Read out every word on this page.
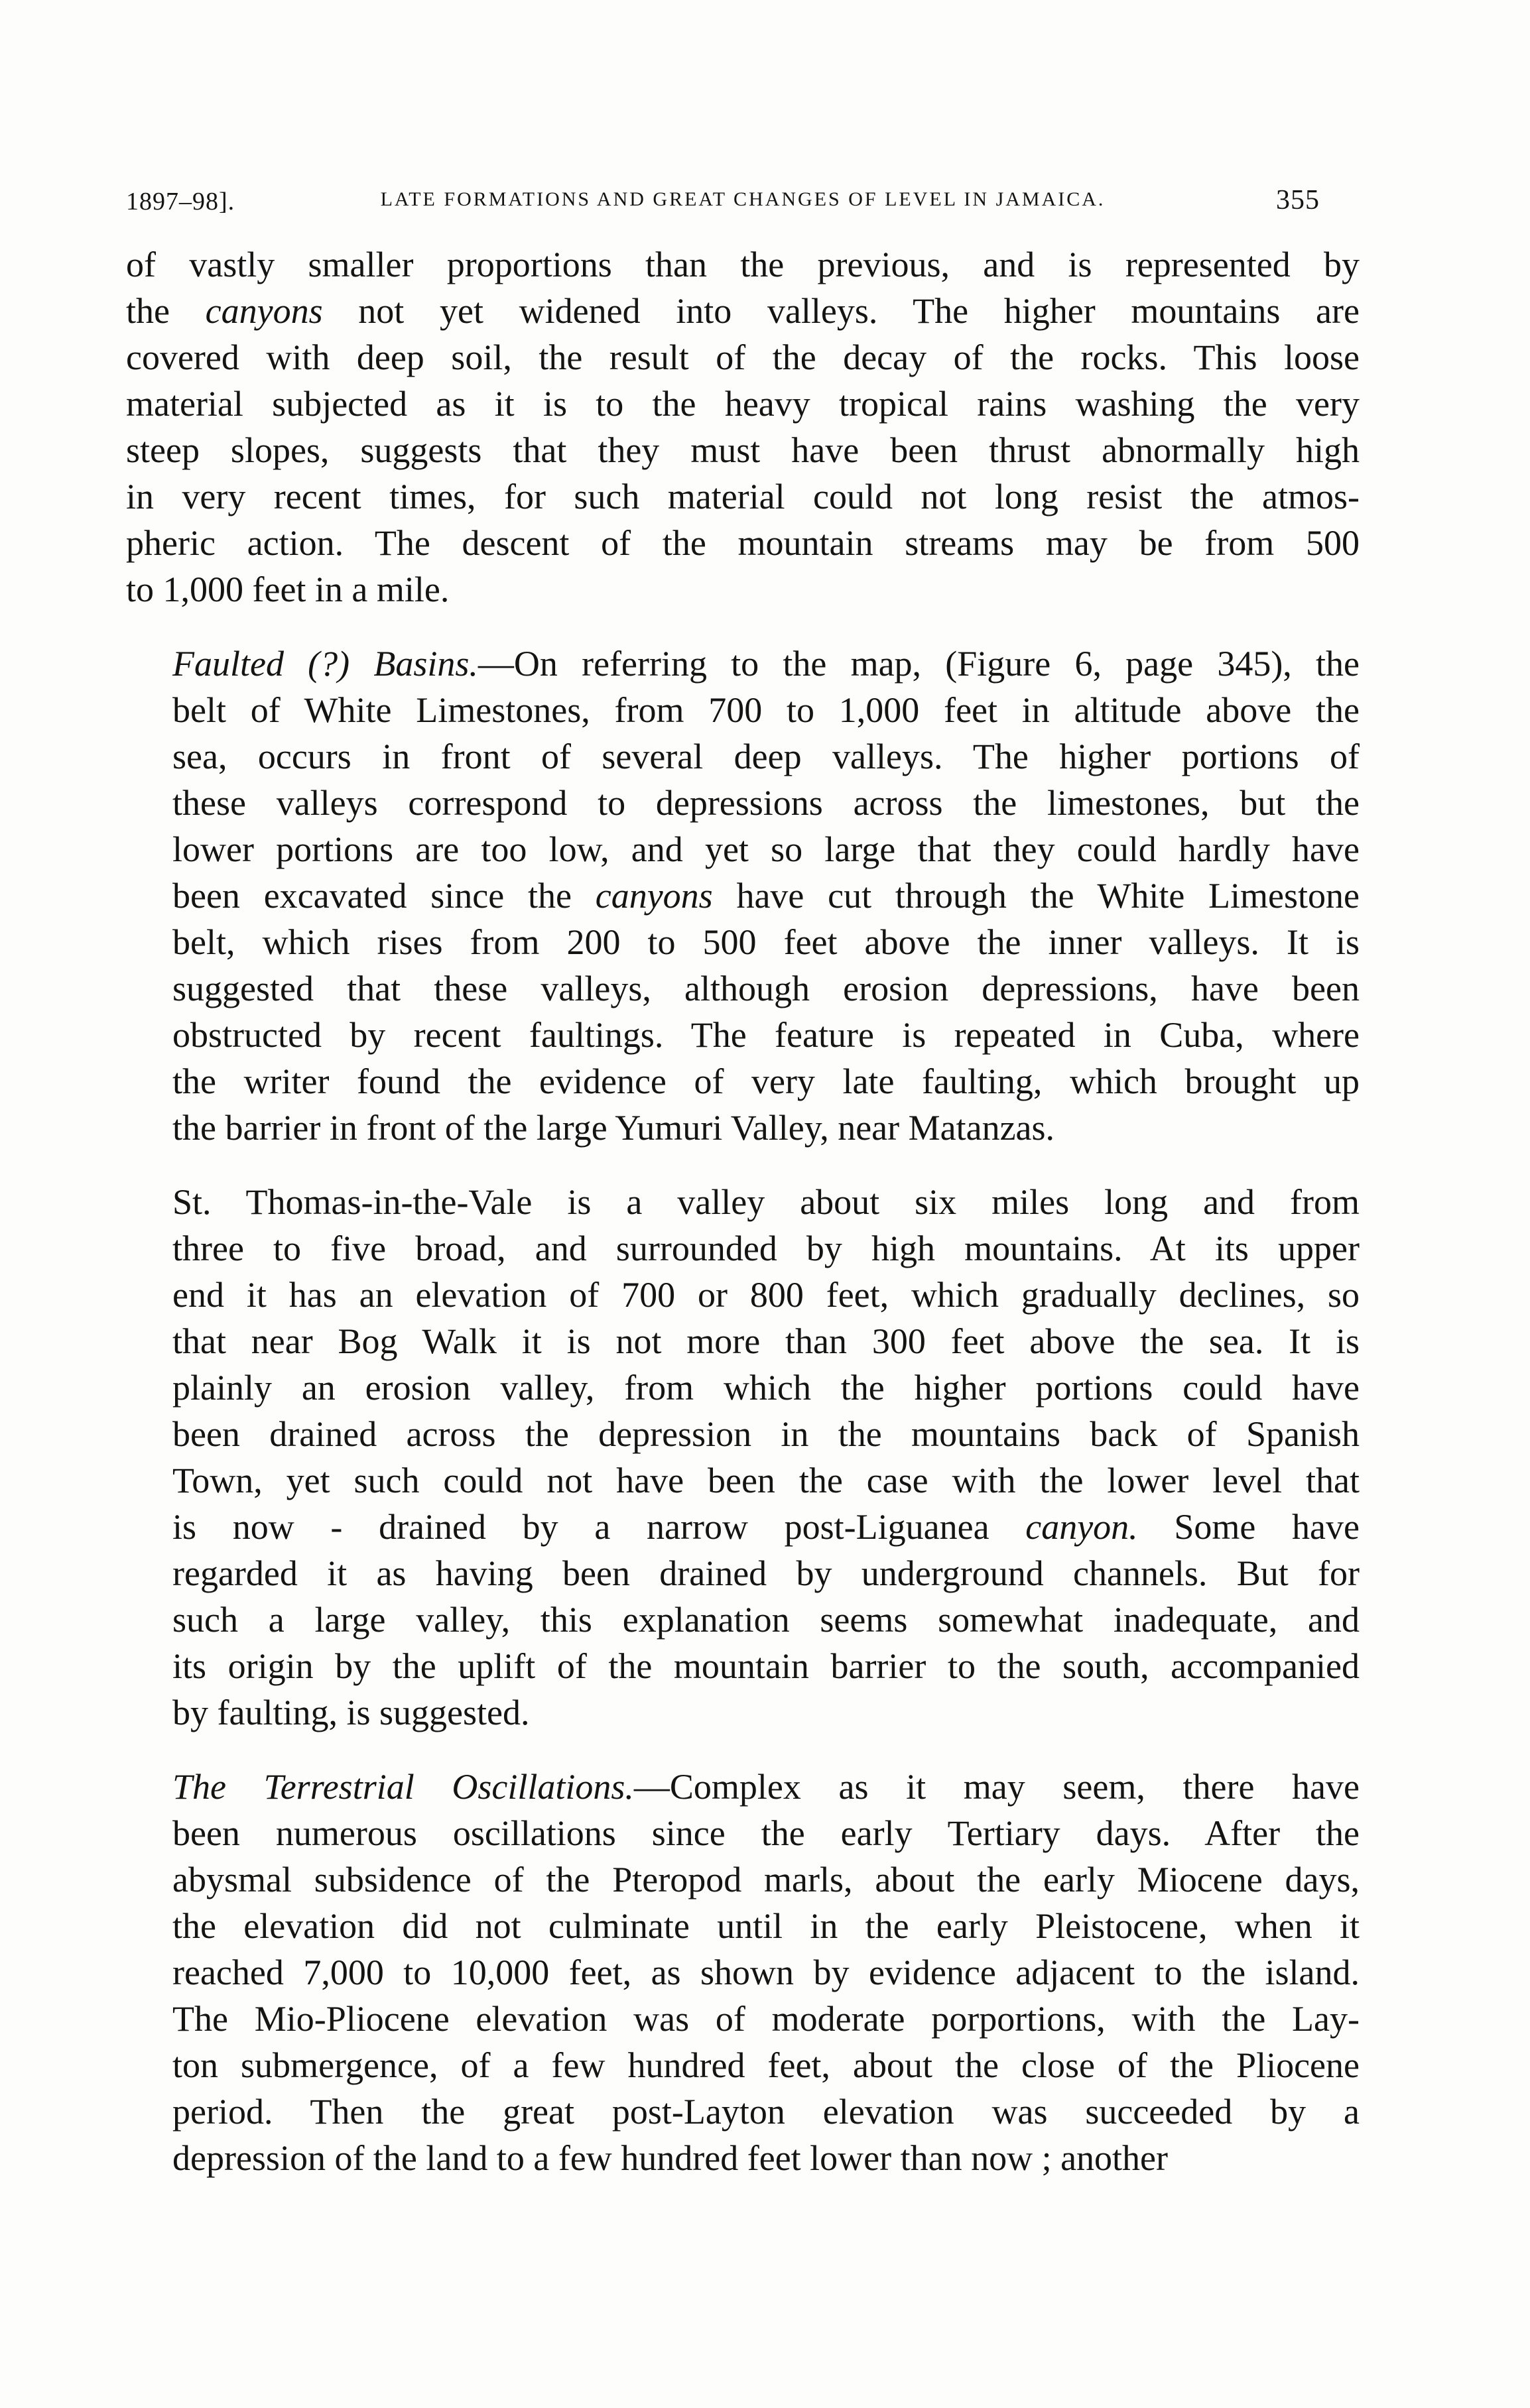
1897–98].	LATE FORMATIONS AND GREAT CHANGES OF LEVEL IN JAMAICA.	355

of vastly smaller proportions than the previous, and is represented by
the canyons not yet widened into valleys. The higher mountains are
covered with deep soil, the result of the decay of the rocks. This loose
material subjected as it is to the heavy tropical rains washing the very
steep slopes, suggests that they must have been thrust abnormally high
in very recent times, for such material could not long resist the atmos-
pheric action. The descent of the mountain streams may be from 500
to 1,000 feet in a mile.

Faulted (?) Basins.—On referring to the map, (Figure 6, page 345), the
belt of White Limestones, from 700 to 1,000 feet in altitude above the
sea, occurs in front of several deep valleys. The higher portions of
these valleys correspond to depressions across the limestones, but the
lower portions are too low, and yet so large that they could hardly have
been excavated since the canyons have cut through the White Limestone
belt, which rises from 200 to 500 feet above the inner valleys. It is
suggested that these valleys, although erosion depressions, have been
obstructed by recent faultings. The feature is repeated in Cuba, where
the writer found the evidence of very late faulting, which brought up
the barrier in front of the large Yumuri Valley, near Matanzas.

St. Thomas-in-the-Vale is a valley about six miles long and from
three to five broad, and surrounded by high mountains. At its upper
end it has an elevation of 700 or 800 feet, which gradually declines, so
that near Bog Walk it is not more than 300 feet above the sea. It is
plainly an erosion valley, from which the higher portions could have
been drained across the depression in the mountains back of Spanish
Town, yet such could not have been the case with the lower level that
is now - drained by a narrow post-Liguanea canyon. Some have
regarded it as having been drained by underground channels. But for
such a large valley, this explanation seems somewhat inadequate, and
its origin by the uplift of the mountain barrier to the south, accompanied
by faulting, is suggested.

The Terrestrial Oscillations.—Complex as it may seem, there have
been numerous oscillations since the early Tertiary days. After the
abysmal subsidence of the Pteropod marls, about the early Miocene days,
the elevation did not culminate until in the early Pleistocene, when it
reached 7,000 to 10,000 feet, as shown by evidence adjacent to the island.
The Mio-Pliocene elevation was of moderate porportions, with the Lay-
ton submergence, of a few hundred feet, about the close of the Pliocene
period. Then the great post-Layton elevation was succeeded by a
depression of the land to a few hundred feet lower than now ; another
